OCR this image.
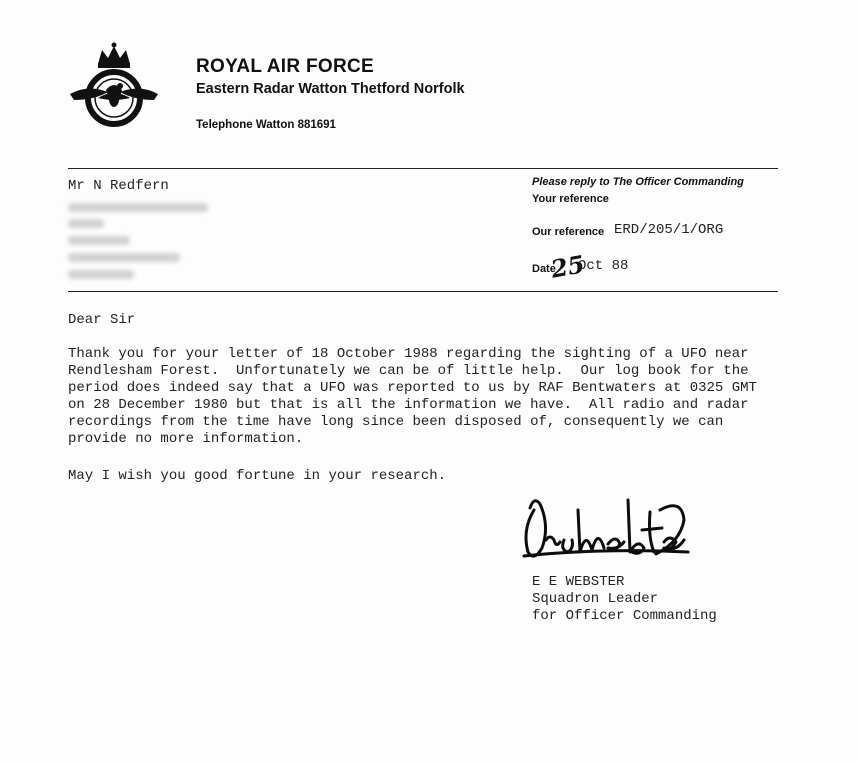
ROYAL AIR FORCE
Eastern Radar Watton Thetford Norfolk
Telephone Watton 881691
Mr N Redfern	Please reply to The Officer Commanding
Your reference
Our reference ERD/205/1/ORG
Date
25
Oct 88
Dear Sir
Thank you for your letter of 18 October 1988 regarding the sighting of a UFO near
Rendlesham Forest.  Unfortunately we can be of little help.  Our log book for the
period does indeed say that a UFO was reported to us by RAF Bentwaters at 0325 GMT
on 28 December 1980 but that is all the information we have.  All radio and radar
recordings from the time have long since been disposed of, consequently we can
provide no more information.
May I wish you good fortune in your research.
E E WEBSTER
Squadron Leader
for Officer Commanding
